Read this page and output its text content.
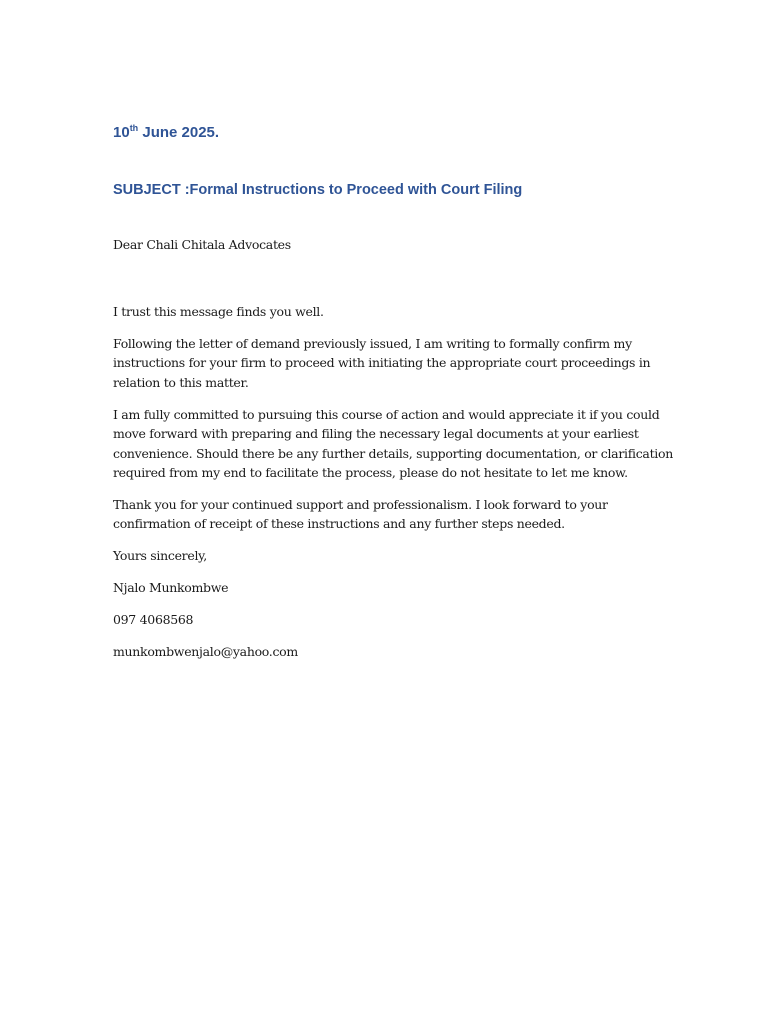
10th June 2025.

SUBJECT :Formal Instructions to Proceed with Court Filing

Dear Chali Chitala Advocates

I trust this message finds you well.

Following the letter of demand previously issued, I am writing to formally confirm my
instructions for your firm to proceed with initiating the appropriate court proceedings in
relation to this matter.

I am fully committed to pursuing this course of action and would appreciate it if you could
move forward with preparing and filing the necessary legal documents at your earliest
convenience. Should there be any further details, supporting documentation, or clarification
required from my end to facilitate the process, please do not hesitate to let me know.

Thank you for your continued support and professionalism. I look forward to your
confirmation of receipt of these instructions and any further steps needed.

Yours sincerely,

Njalo Munkombwe

097 4068568

munkombwenjalo@yahoo.com
